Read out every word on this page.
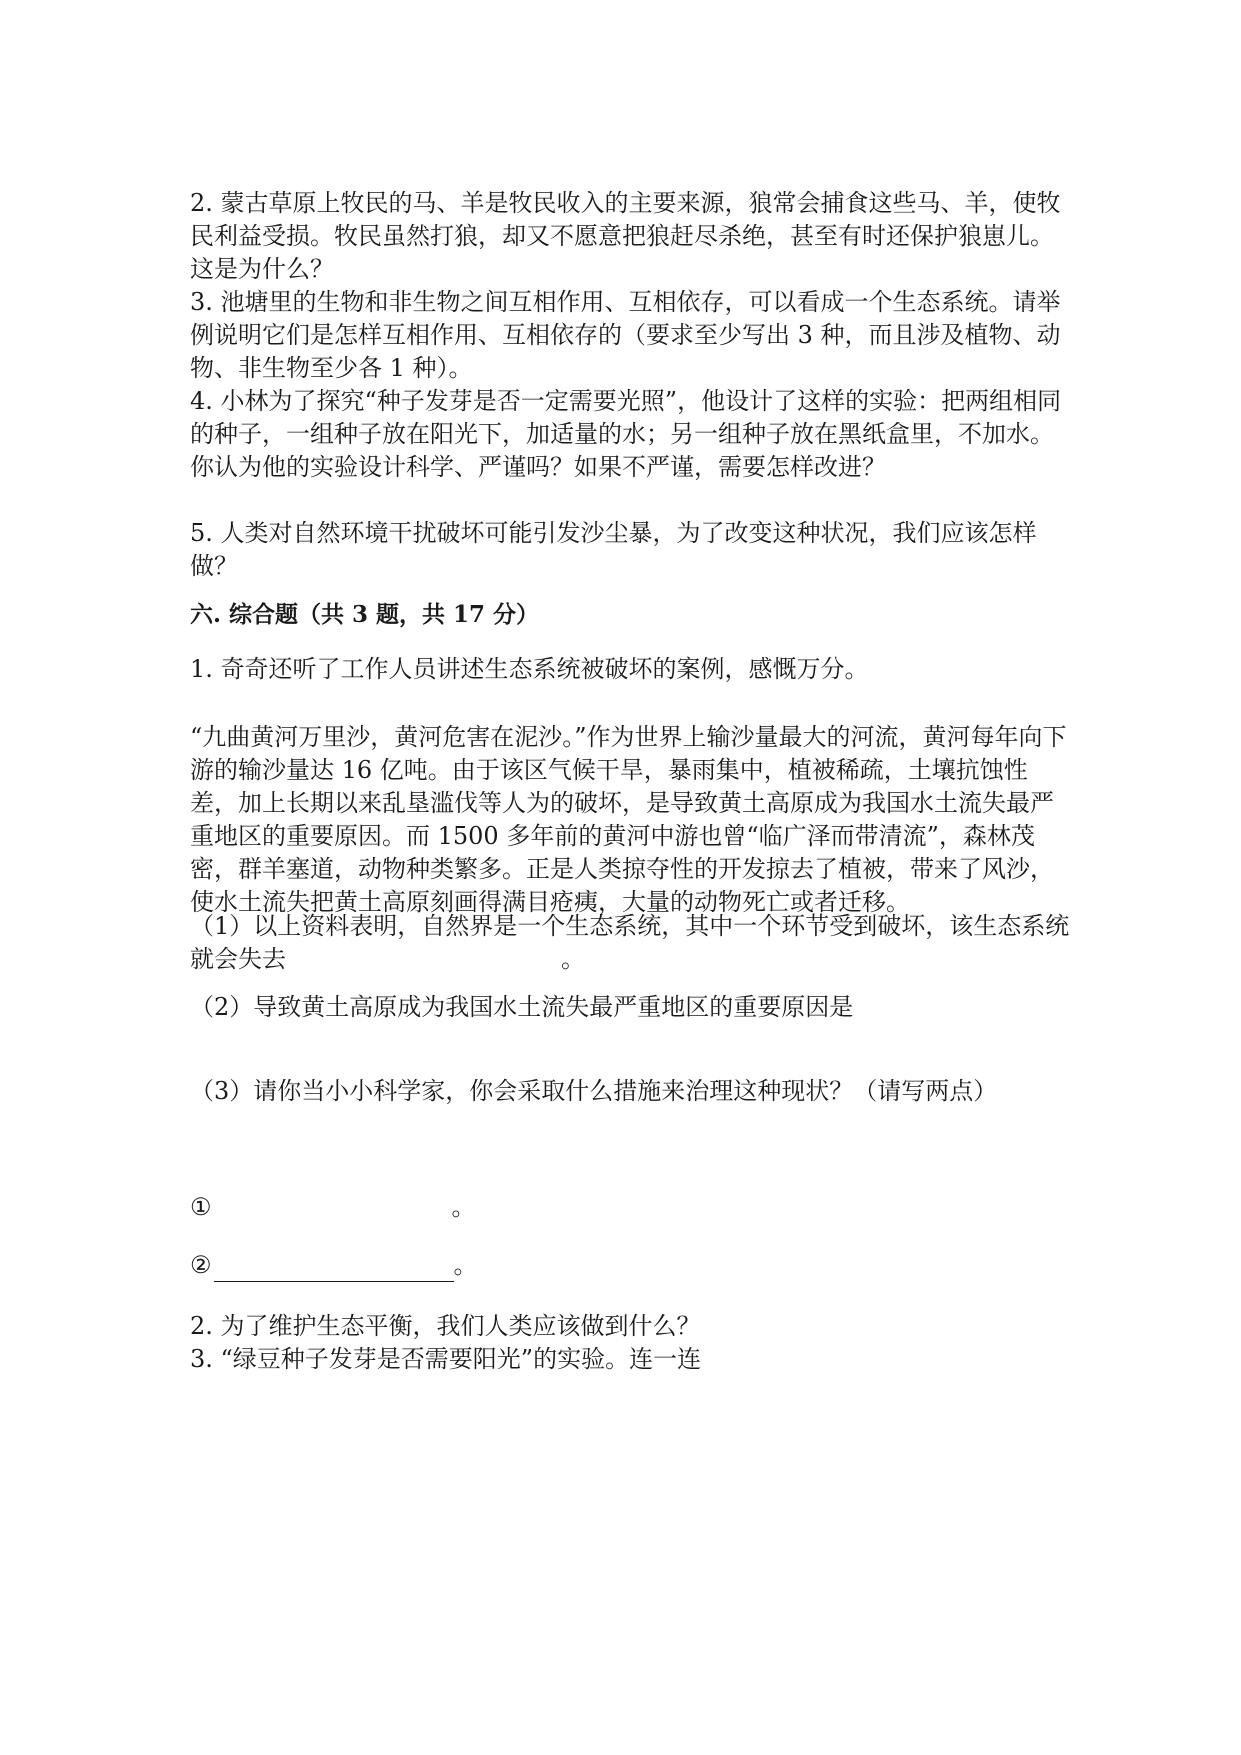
2. 蒙古草原上牧民的马、羊是牧民收入的主要来源，狼常会捕食这些马、羊，使牧民利益受损。牧民虽然打狼，却又不愿意把狼赶尽杀绝，甚至有时还保护狼崽儿。这是为什么？

3. 池塘里的生物和非生物之间互相作用、互相依存，可以看成一个生态系统。请举例说明它们是怎样互相作用、互相依存的（要求至少写出 3 种，而且涉及植物、动物、非生物至少各 1 种）。

4. 小林为了探究“种子发芽是否一定需要光照”，他设计了这样的实验：把两组相同的种子，一组种子放在阳光下，加适量的水；另一组种子放在黑纸盒里，不加水。你认为他的实验设计科学、严谨吗？如果不严谨，需要怎样改进？

5. 人类对自然环境干扰破坏可能引发沙尘暴，为了改变这种状况，我们应该怎样做？

六. 综合题（共 3 题，共 17 分）

1. 奇奇还听了工作人员讲述生态系统被破坏的案例，感慨万分。

“九曲黄河万里沙，黄河危害在泥沙。”作为世界上输沙量最大的河流，黄河每年向下游的输沙量达 16 亿吨。由于该区气候干旱，暴雨集中，植被稀疏，土壤抗蚀性差，加上长期以来乱垦滥伐等人为的破坏，是导致黄土高原成为我国水土流失最严重地区的重要原因。而 1500 多年前的黄河中游也曾“临广泽而带清流”，森林茂密，群羊塞道，动物种类繁多。正是人类掠夺性的开发掠去了植被，带来了风沙，使水土流失把黄土高原刻画得满目疮痍，大量的动物死亡或者迁移。

（1）以上资料表明，自然界是一个生态系统，其中一个环节受到破坏，该生态系统就会失去	。

（2）导致黄土高原成为我国水土流失最严重地区的重要原因是

（3）请你当小小科学家，你会采取什么措施来治理这种现状？（请写两点）

①	。

②	。

2. 为了维护生态平衡，我们人类应该做到什么？

3. “绿豆种子发芽是否需要阳光”的实验。连一连
